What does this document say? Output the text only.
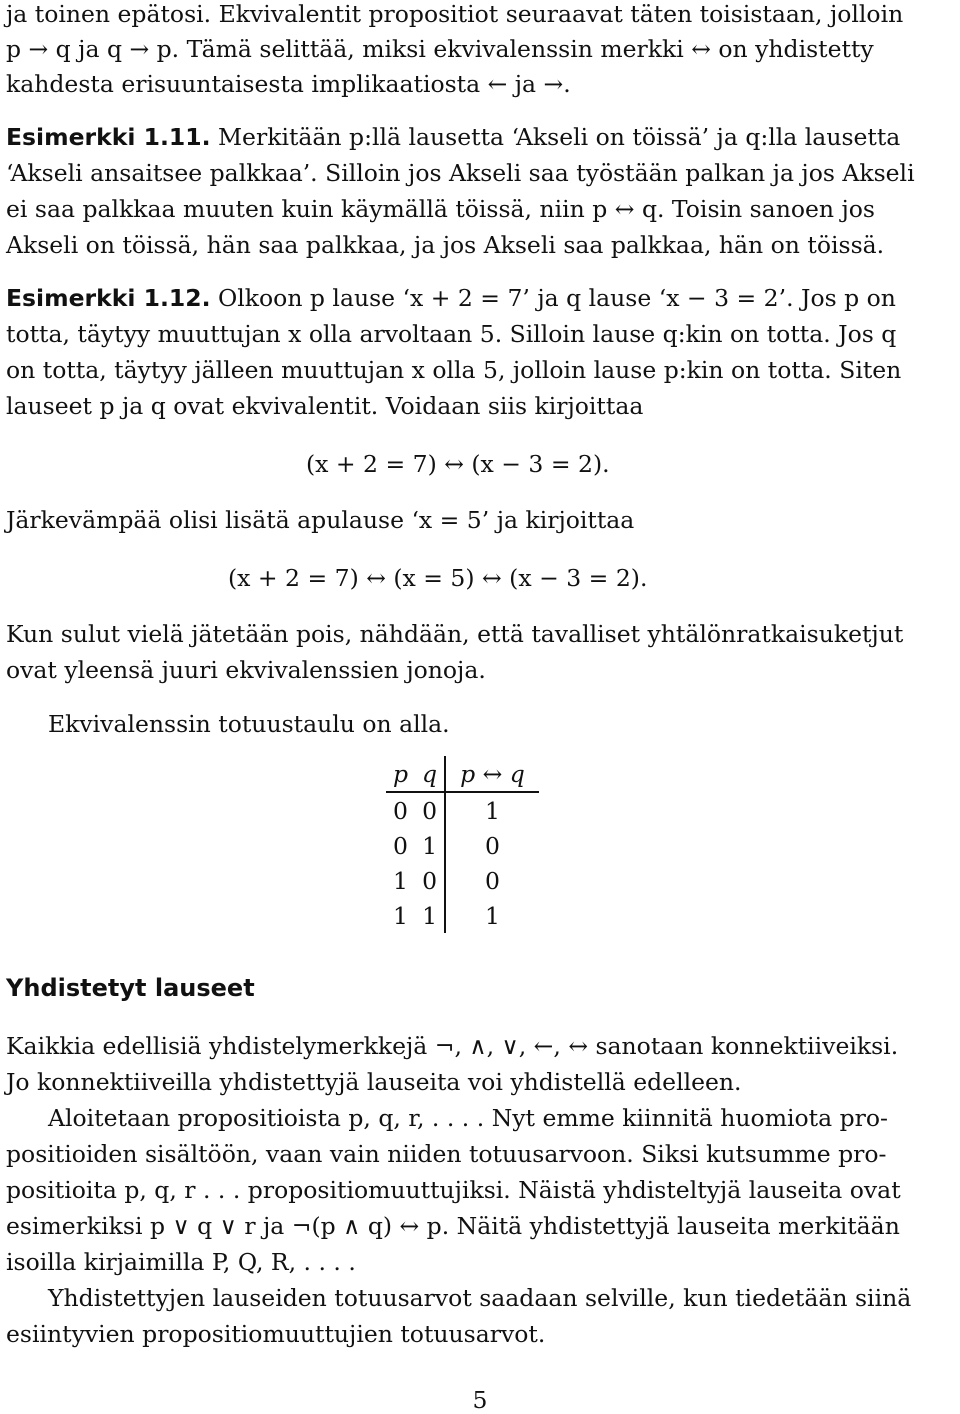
ja toinen epätosi. Ekvivalentit propositiot seuraavat täten toisistaan, jolloin
p → q ja q → p. Tämä selittää, miksi ekvivalenssin merkki ↔ on yhdistetty
kahdesta erisuuntaisesta implikaatiosta ← ja →.
Esimerkki 1.11. Merkitään p:llä lausetta ‘Akseli on töissä’ ja q:lla lausetta
‘Akseli ansaitsee palkkaa’. Silloin jos Akseli saa työstään palkan ja jos Akseli
ei saa palkkaa muuten kuin käymällä töissä, niin p ↔ q. Toisin sanoen jos
Akseli on töissä, hän saa palkkaa, ja jos Akseli saa palkkaa, hän on töissä.
Esimerkki 1.12. Olkoon p lause ‘x + 2 = 7’ ja q lause ‘x − 3 = 2’. Jos p on
totta, täytyy muuttujan x olla arvoltaan 5. Silloin lause q:kin on totta. Jos q
on totta, täytyy jälleen muuttujan x olla 5, jolloin lause p:kin on totta. Siten
lauseet p ja q ovat ekvivalentit. Voidaan siis kirjoittaa
(x + 2 = 7) ↔ (x − 3 = 2).
Järkevämpää olisi lisätä apulause ‘x = 5’ ja kirjoittaa
(x + 2 = 7) ↔ (x = 5) ↔ (x − 3 = 2).
Kun sulut vielä jätetään pois, nähdään, että tavalliset yhtälönratkaisuketjut
ovat yleensä juuri ekvivalenssien jonoja.
Ekvivalenssin totuustaulu on alla.
p	q	p ↔ q
0	0	1
0	1	0
1	0	0
1	1	1
Yhdistetyt lauseet
Kaikkia edellisiä yhdistelymerkkejä ¬, ∧, ∨, ←, ↔ sanotaan konnektiiveiksi.
Jo konnektiiveilla yhdistettyjä lauseita voi yhdistellä edelleen.
Aloitetaan propositioista p, q, r, . . . . Nyt emme kiinnitä huomiota pro-
positioiden sisältöön, vaan vain niiden totuusarvoon. Siksi kutsumme pro-
positioita p, q, r . . . propositiomuuttujiksi. Näistä yhdisteltyjä lauseita ovat
esimerkiksi p ∨ q ∨ r ja ¬(p ∧ q) ↔ p. Näitä yhdistettyjä lauseita merkitään
isoilla kirjaimilla P, Q, R, . . . .
Yhdistettyjen lauseiden totuusarvot saadaan selville, kun tiedetään siinä
esiintyvien propositiomuuttujien totuusarvot.
5
